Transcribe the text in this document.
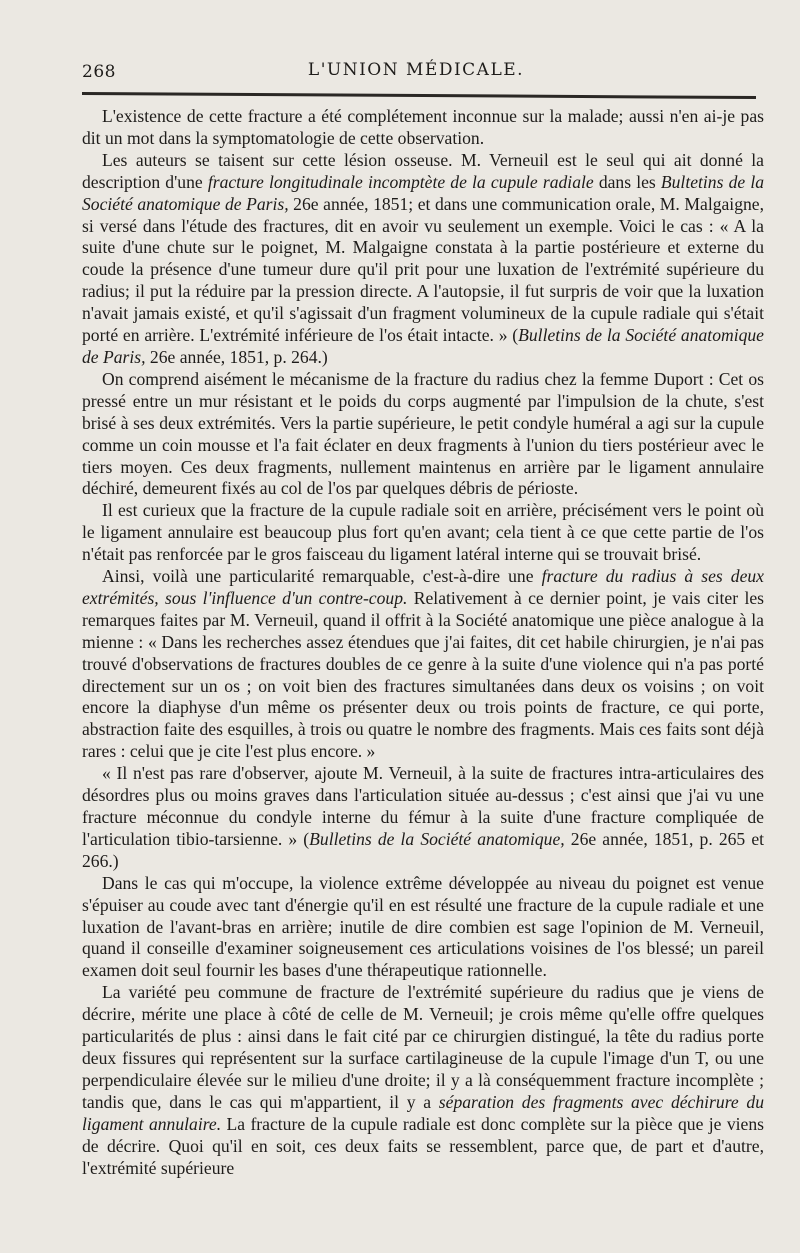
268	L'UNION MÉDICALE.

L'existence de cette fracture a été complétement inconnue sur la malade; aussi n'en ai-je pas dit un mot dans la symptomatologie de cette observation.

Les auteurs se taisent sur cette lésion osseuse. M. Verneuil est le seul qui ait donné la description d'une fracture longitudinale incomptète de la cupule radiale dans les Bultetins de la Société anatomique de Paris, 26e année, 1851; et dans une communication orale, M. Malgaigne, si versé dans l'étude des fractures, dit en avoir vu seulement un exemple. Voici le cas : « A la suite d'une chute sur le poignet, M. Malgaigne constata à la partie postérieure et externe du coude la présence d'une tumeur dure qu'il prit pour une luxation de l'extrémité supérieure du radius; il put la réduire par la pression directe. A l'autopsie, il fut surpris de voir que la luxation n'avait jamais existé, et qu'il s'agissait d'un fragment volumineux de la cupule radiale qui s'était porté en arrière. L'extrémité inférieure de l'os était intacte. » (Bulletins de la Société anatomique de Paris, 26e année, 1851, p. 264.)

On comprend aisément le mécanisme de la fracture du radius chez la femme Duport : Cet os pressé entre un mur résistant et le poids du corps augmenté par l'impulsion de la chute, s'est brisé à ses deux extrémités. Vers la partie supérieure, le petit condyle huméral a agi sur la cupule comme un coin mousse et l'a fait éclater en deux fragments à l'union du tiers postérieur avec le tiers moyen. Ces deux fragments, nullement maintenus en arrière par le ligament annulaire déchiré, demeurent fixés au col de l'os par quelques débris de périoste.

Il est curieux que la fracture de la cupule radiale soit en arrière, précisément vers le point où le ligament annulaire est beaucoup plus fort qu'en avant; cela tient à ce que cette partie de l'os n'était pas renforcée par le gros faisceau du ligament latéral interne qui se trouvait brisé.

Ainsi, voilà une particularité remarquable, c'est-à-dire une fracture du radius à ses deux extrémités, sous l'influence d'un contre-coup. Relativement à ce dernier point, je vais citer les remarques faites par M. Verneuil, quand il offrit à la Société anatomique une pièce analogue à la mienne : « Dans les recherches assez étendues que j'ai faites, dit cet habile chirurgien, je n'ai pas trouvé d'observations de fractures doubles de ce genre à la suite d'une violence qui n'a pas porté directement sur un os ; on voit bien des fractures simultanées dans deux os voisins ; on voit encore la diaphyse d'un même os présenter deux ou trois points de fracture, ce qui porte, abstraction faite des esquilles, à trois ou quatre le nombre des fragments. Mais ces faits sont déjà rares : celui que je cite l'est plus encore. »

« Il n'est pas rare d'observer, ajoute M. Verneuil, à la suite de fractures intra-articulaires des désordres plus ou moins graves dans l'articulation située au-dessus ; c'est ainsi que j'ai vu une fracture méconnue du condyle interne du fémur à la suite d'une fracture compliquée de l'articulation tibio-tarsienne. » (Bulletins de la Société anatomique, 26e année, 1851, p. 265 et 266.)

Dans le cas qui m'occupe, la violence extrême développée au niveau du poignet est venue s'épuiser au coude avec tant d'énergie qu'il en est résulté une fracture de la cupule radiale et une luxation de l'avant-bras en arrière; inutile de dire combien est sage l'opinion de M. Verneuil, quand il conseille d'examiner soigneusement ces articulations voisines de l'os blessé; un pareil examen doit seul fournir les bases d'une thérapeutique rationnelle.

La variété peu commune de fracture de l'extrémité supérieure du radius que je viens de décrire, mérite une place à côté de celle de M. Verneuil; je crois même qu'elle offre quelques particularités de plus : ainsi dans le fait cité par ce chirurgien distingué, la tête du radius porte deux fissures qui représentent sur la surface cartilagineuse de la cupule l'image d'un T, ou une perpendiculaire élevée sur le milieu d'une droite; il y a là conséquemment fracture incomplète ; tandis que, dans le cas qui m'appartient, il y a séparation des fragments avec déchirure du ligament annulaire. La fracture de la cupule radiale est donc complète sur la pièce que je viens de décrire. Quoi qu'il en soit, ces deux faits se ressemblent, parce que, de part et d'autre, l'extrémité supérieure
